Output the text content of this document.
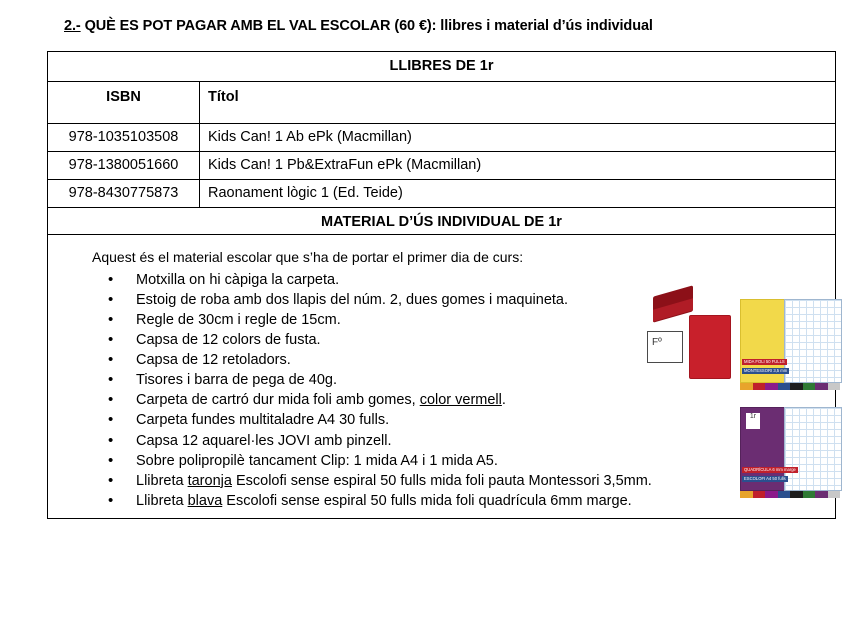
2.- QUÈ ES POT PAGAR AMB EL VAL ESCOLAR (60 €): llibres i material d’ús individual
LLIBRES DE 1r	
ISBN	Títol
978-1035103508	Kids Can! 1 Ab ePk (Macmillan)
978-1380051660	Kids Can! 1 Pb&ExtraFun ePk (Macmillan)
978-8430775873	Raonament lògic 1 (Ed. Teide)
MATERIAL D’ÚS INDIVIDUAL DE 1r	

Aquest és el material escolar que s’ha de portar el primer dia de curs:
• Motxilla on hi càpiga la carpeta.
• Estoig de roba amb dos llapis del núm. 2, dues gomes i maquineta.
• Regle de 30cm i regle de 15cm.
• Capsa de 12 colors de fusta.
• Capsa de 12 retoladors.
• Tisores i barra de pega de 40g.
• Carpeta de cartró dur mida foli amb gomes, color vermell.
• Carpeta fundes multitaladre A4 30 fulls.
• Capsa 12 aquarel·les JOVI amb pinzell.
• Sobre polipropilè tancament Clip: 1 mida A4 i 1 mida A5.
• Llibreta taronja Escolofi sense espiral 50 fulls mida foli pauta Montessori 3,5mm.
• Llibreta blava Escolofi sense espiral 50 fulls mida foli quadrícula 6mm marge.
Fº
MIDA FOLI 50 FULLS
MONTESSORI 3,5 mm
1r
QUADRÍCULA 6 mm marge
ESCOLOFI A4 50 fulls
